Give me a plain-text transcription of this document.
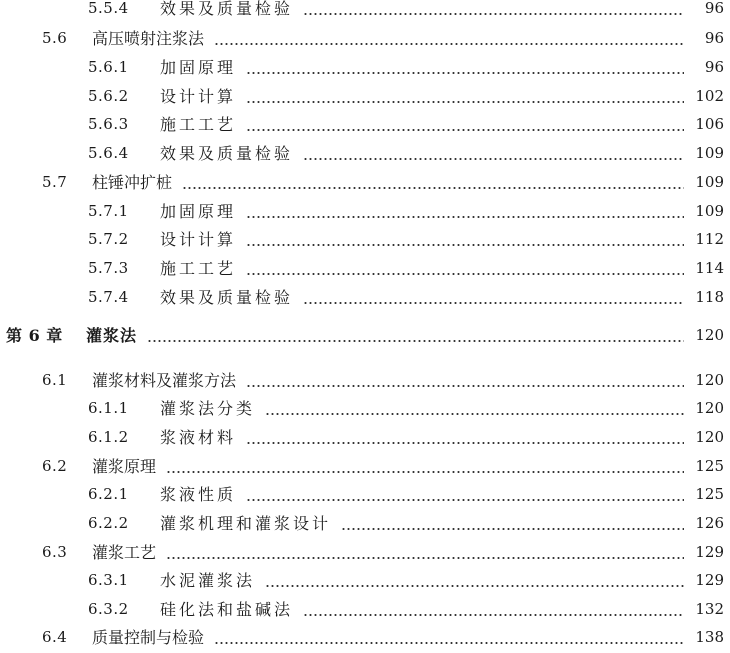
5.5.4	效果及质量检验	96
5.6	高压喷射注浆法	96
5.6.1	加固原理	96
5.6.2	设计计算	102
5.6.3	施工工艺	106
5.6.4	效果及质量检验	109
5.7	柱锤冲扩桩	109
5.7.1	加固原理	109
5.7.2	设计计算	112
5.7.3	施工工艺	114
5.7.4	效果及质量检验	118
第 6 章	灌浆法	120
6.1	灌浆材料及灌浆方法	120
6.1.1	灌浆法分类	120
6.1.2	浆液材料	120
6.2	灌浆原理	125
6.2.1	浆液性质	125
6.2.2	灌浆机理和灌浆设计	126
6.3	灌浆工艺	129
6.3.1	水泥灌浆法	129
6.3.2	硅化法和盐碱法	132
6.4	质量控制与检验	138
